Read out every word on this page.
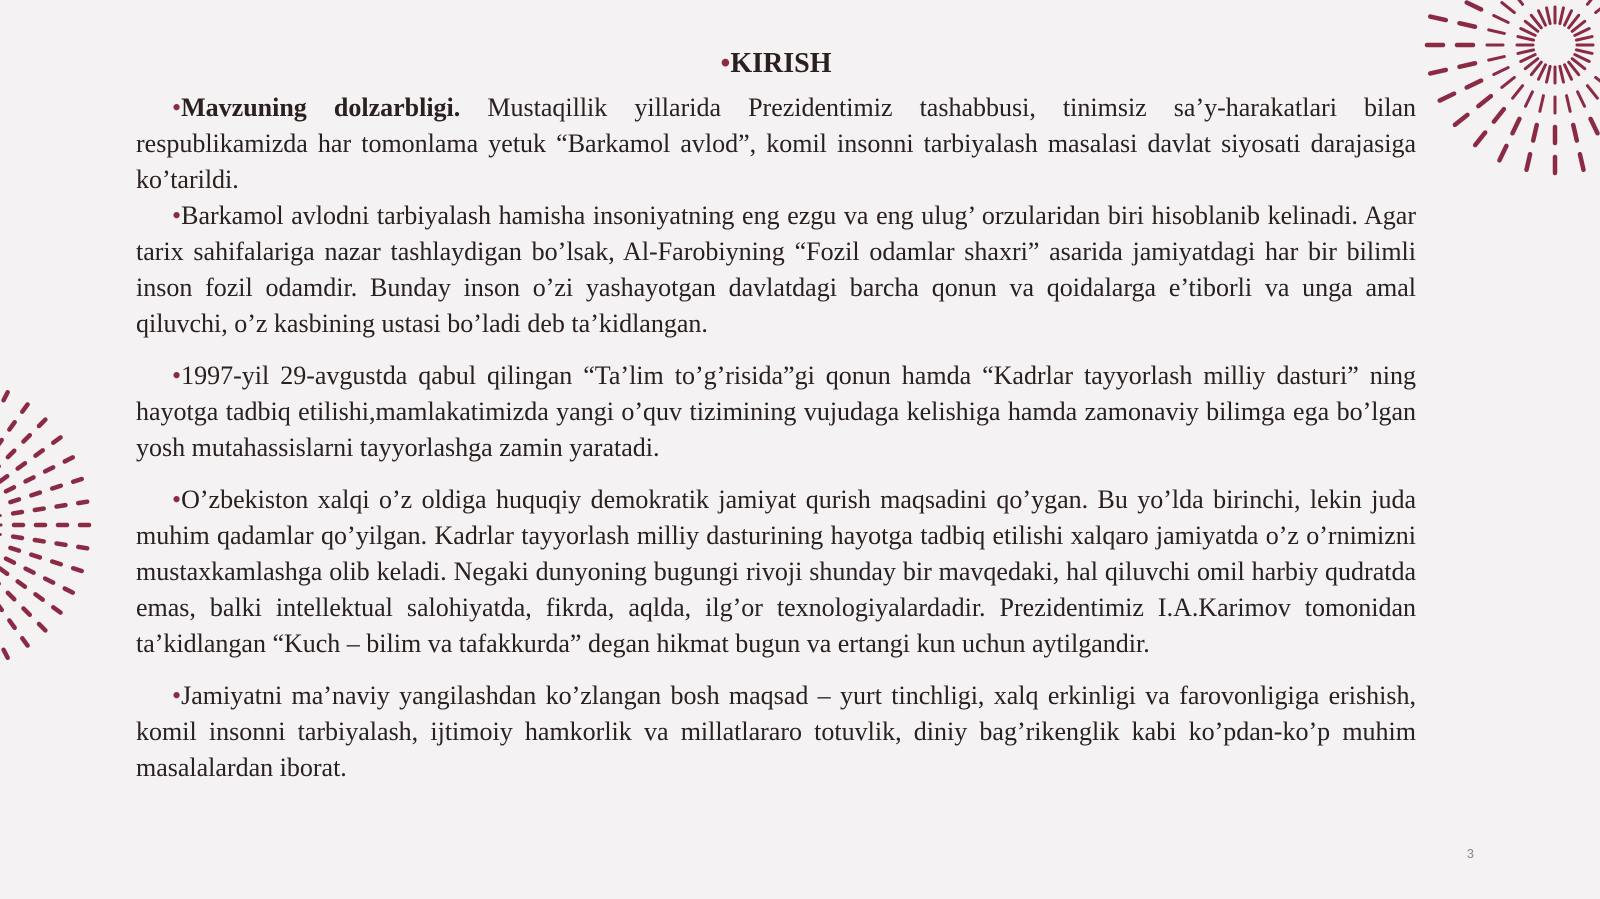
•KIRISH

•Mavzuning dolzarbligi. Mustaqillik yillarida Prezidentimiz tashabbusi, tinimsiz sa’y-harakatlari bilan respublikamizda har tomonlama yetuk “Barkamol avlod”, komil insonni tarbiyalash masalasi davlat siyosati darajasiga ko’tarildi.

•Barkamol avlodni tarbiyalash hamisha insoniyatning eng ezgu va eng ulug’ orzularidan biri hisoblanib kelinadi. Agar tarix sahifalariga nazar tashlaydigan bo’lsak, Al-Farobiyning “Fozil odamlar shaxri” asarida jamiyatdagi har bir bilimli inson fozil odamdir. Bunday inson o’zi yashayotgan davlatdagi barcha qonun va qoidalarga e’tiborli va unga amal qiluvchi, o’z kasbining ustasi bo’ladi deb ta’kidlangan.

•1997-yil 29-avgustda qabul qilingan “Ta’lim to’g’risida”gi qonun hamda “Kadrlar tayyorlash milliy dasturi” ning hayotga tadbiq etilishi,mamlakatimizda yangi o’quv tizimining vujudaga kelishiga hamda zamonaviy bilimga ega bo’lgan yosh mutahassislarni tayyorlashga zamin yaratadi.

•O’zbekiston xalqi o’z oldiga huquqiy demokratik jamiyat qurish maqsadini qo’ygan. Bu yo’lda birinchi, lekin juda muhim qadamlar qo’yilgan. Kadrlar tayyorlash milliy dasturining hayotga tadbiq etilishi xalqaro jamiyatda o’z o’rnimizni mustaxkamlashga olib keladi. Negaki dunyoning bugungi rivoji shunday bir mavqedaki, hal qiluvchi omil harbiy qudratda emas, balki intellektual salohiyatda, fikrda, aqlda, ilg’or texnologiyalardadir. Prezidentimiz I.A.Karimov tomonidan ta’kidlangan “Kuch – bilim va tafakkurda” degan hikmat bugun va ertangi kun uchun aytilgandir.

•Jamiyatni ma’naviy yangilashdan ko’zlangan bosh maqsad – yurt tinchligi, xalq erkinligi va farovonligiga erishish, komil insonni tarbiyalash, ijtimoiy hamkorlik va millatlararo totuvlik, diniy bag’rikenglik kabi ko’pdan-ko’p muhim masalalardan iborat.

3
